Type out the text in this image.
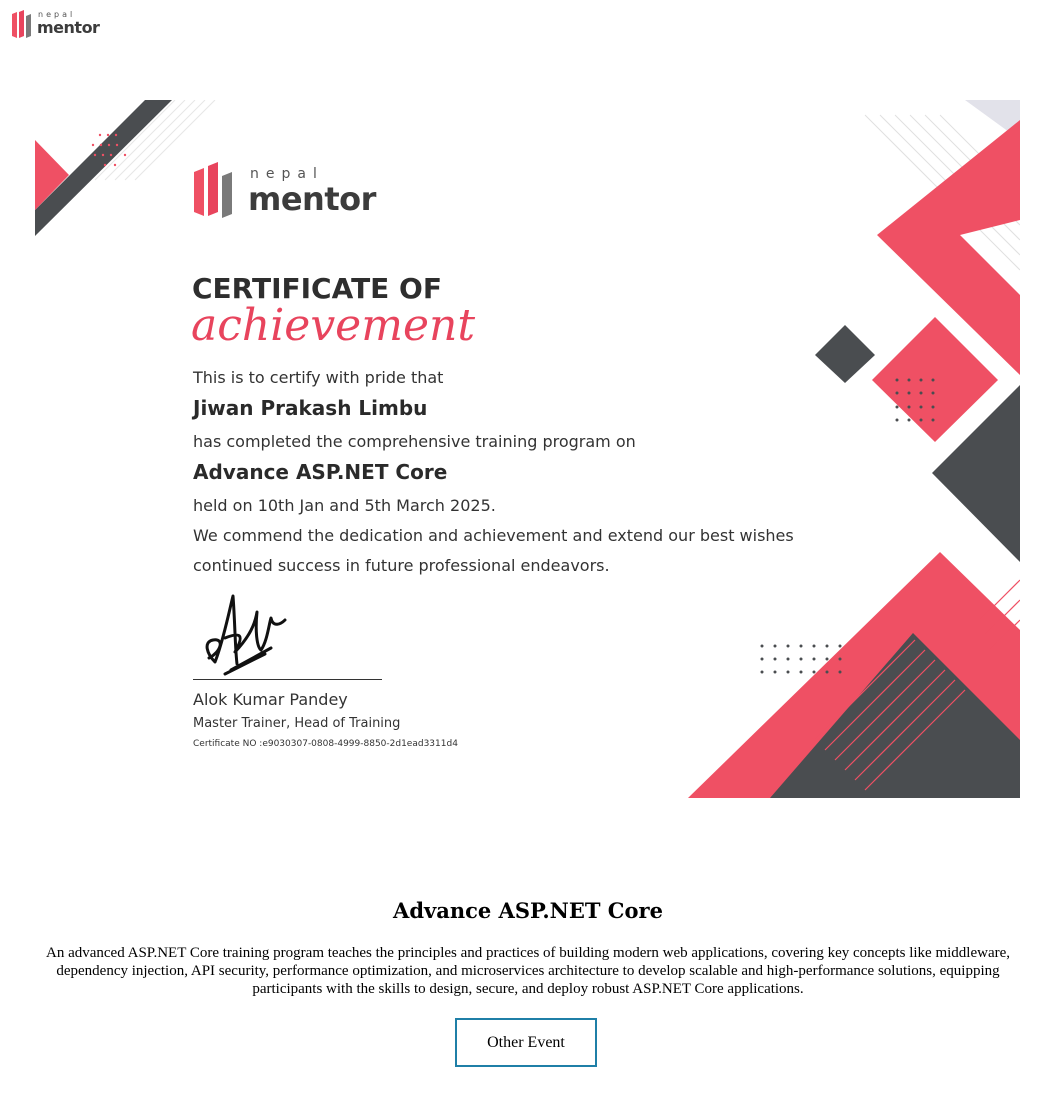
nepal
mentor
nepal
mentor
CERTIFICATE OF
achievement
This is to certify with pride that
Jiwan Prakash Limbu
has completed the comprehensive training program on
Advance ASP.NET Core
held on 10th Jan and 5th March 2025.
We commend the dedication and achievement and extend our best wishes
continued success in future professional endeavors.
Alok Kumar Pandey
Master Trainer, Head of Training
Certificate NO :e9030307-0808-4999-8850-2d1ead3311d4
Advance ASP.NET Core
An advanced ASP.NET Core training program teaches the principles and practices of building modern web applications, covering key concepts like middleware, dependency injection, API security, performance optimization, and microservices architecture to develop scalable and high-performance solutions, equipping participants with the skills to design, secure, and deploy robust ASP.NET Core applications.
Other Event
